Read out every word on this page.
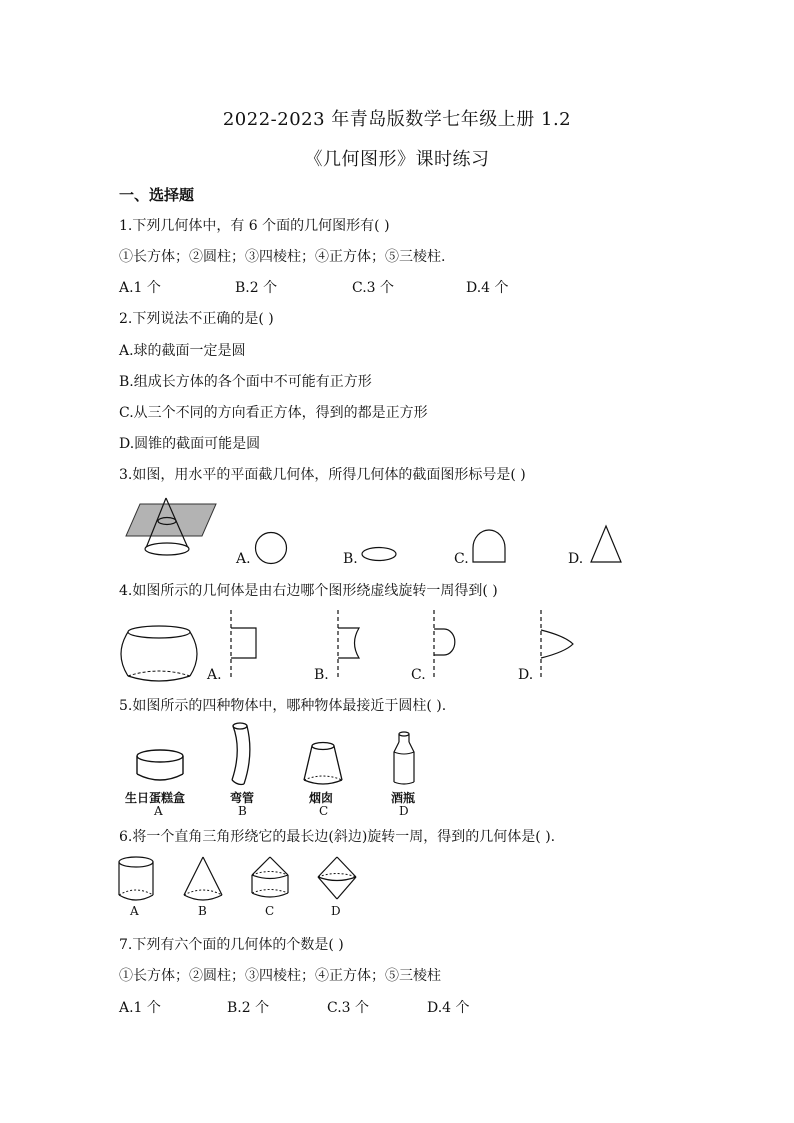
2022-2023 年青岛版数学七年级上册 1.2
《几何图形》课时练习
一、选择题
1.下列几何体中，有 6 个面的几何图形有( )
①长方体；②圆柱；③四棱柱；④正方体；⑤三棱柱.
A.1 个	B.2 个	C.3 个	D.4 个
2.下列说法不正确的是( )
A.球的截面一定是圆
B.组成长方体的各个面中不可能有正方形
C.从三个不同的方向看正方体，得到的都是正方形
D.圆锥的截面可能是圆
3.如图，用水平的平面截几何体，所得几何体的截面图形标号是( )
A.	B.	C.	D.
4.如图所示的几何体是由右边哪个图形绕虚线旋转一周得到( )
A.	B.	C.	D.
5.如图所示的四种物体中，哪种物体最接近于圆柱( ).
生日蛋糕盒
A
弯管
B
烟囱
C
酒瓶
D
6.将一个直角三角形绕它的最长边(斜边)旋转一周，得到的几何体是( ).
A	B	C	D
7.下列有六个面的几何体的个数是( )
①长方体；②圆柱；③四棱柱；④正方体；⑤三棱柱
A.1 个	B.2 个	C.3 个	D.4 个
